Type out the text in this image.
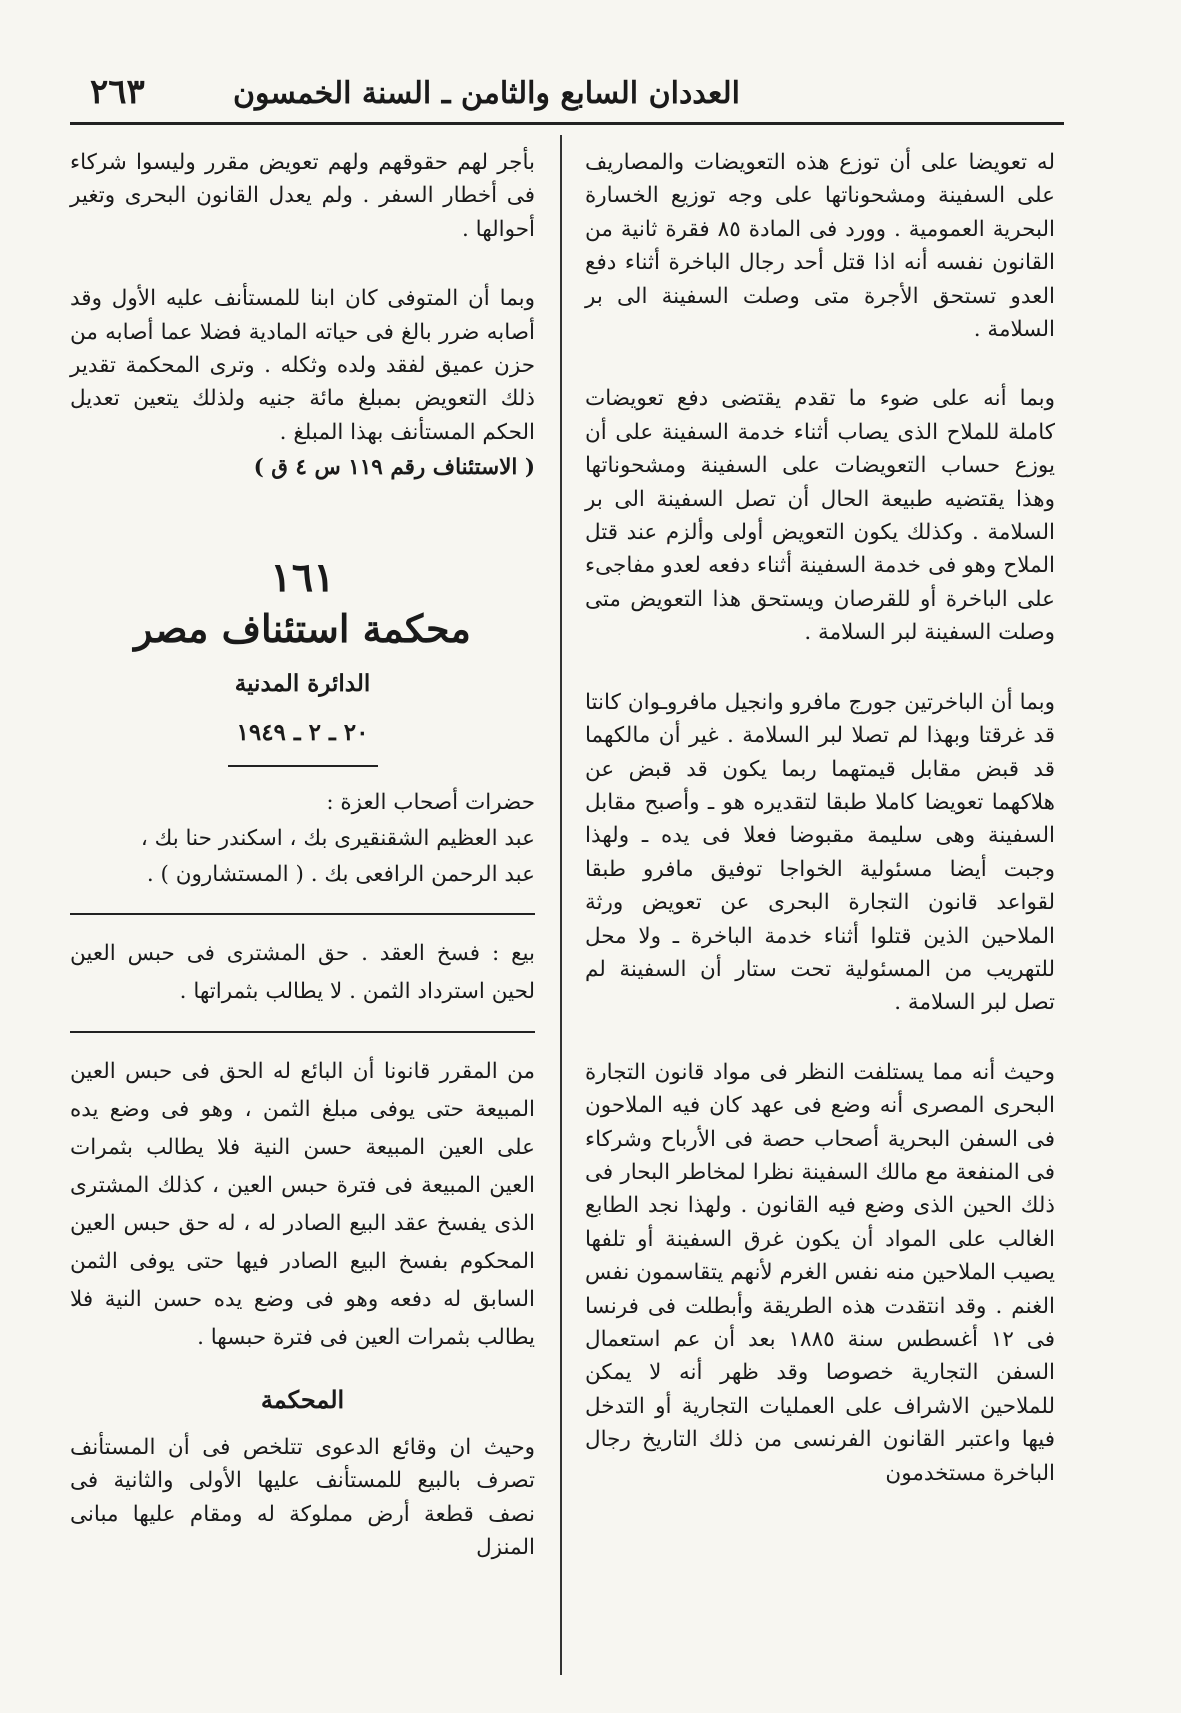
العددان السابع والثامن ـ السنة الخمسون
٢٦٣

له تعويضا على أن توزع هذه التعويضات والمصاريف على السفينة ومشحوناتها على وجه توزيع الخسارة البحرية العمومية . وورد فى المادة ٨٥ فقرة ثانية من القانون نفسه أنه اذا قتل أحد رجال الباخرة أثناء دفع العدو تستحق الأجرة متى وصلت السفينة الى بر السلامة .

وبما أنه على ضوء ما تقدم يقتضى دفع تعويضات كاملة للملاح الذى يصاب أثناء خدمة السفينة على أن يوزع حساب التعويضات على السفينة ومشحوناتها وهذا يقتضيه طبيعة الحال أن تصل السفينة الى بر السلامة . وكذلك يكون التعويض أولى وألزم عند قتل الملاح وهو فى خدمة السفينة أثناء دفعه لعدو مفاجىء على الباخرة أو للقرصان ويستحق هذا التعويض متى وصلت السفينة لبر السلامة .

وبما أن الباخرتين جورج مافرو وانجيل مافروـوان كانتا قد غرقتا وبهذا لم تصلا لبر السلامة . غير أن مالكهما قد قبض مقابل قيمتهما ربما يكون قد قبض عن هلاكهما تعويضا كاملا طبقا لتقديره هو ـ وأصبح مقابل السفينة وهى سليمة مقبوضا فعلا فى يده ـ ولهذا وجبت أيضا مسئولية الخواجا توفيق مافرو طبقا لقواعد قانون التجارة البحرى عن تعويض ورثة الملاحين الذين قتلوا أثناء خدمة الباخرة ـ ولا محل للتهريب من المسئولية تحت ستار أن السفينة لم تصل لبر السلامة .

وحيث أنه مما يستلفت النظر فى مواد قانون التجارة البحرى المصرى أنه وضع فى عهد كان فيه الملاحون فى السفن البحرية أصحاب حصة فى الأرباح وشركاء فى المنفعة مع مالك السفينة نظرا لمخاطر البحار فى ذلك الحين الذى وضع فيه القانون . ولهذا نجد الطابع الغالب على المواد أن يكون غرق السفينة أو تلفها يصيب الملاحين منه نفس الغرم لأنهم يتقاسمون نفس الغنم . وقد انتقدت هذه الطريقة وأبطلت فى فرنسا فى ١٢ أغسطس سنة ١٨٨٥ بعد أن عم استعمال السفن التجارية خصوصا وقد ظهر أنه لا يمكن للملاحين الاشراف على العمليات التجارية أو التدخل فيها واعتبر القانون الفرنسى من ذلك التاريخ رجال الباخرة مستخدمون

بأجر لهم حقوقهم ولهم تعويض مقرر وليسوا شركاء فى أخطار السفر . ولم يعدل القانون البحرى وتغير أحوالها .

وبما أن المتوفى كان ابنا للمستأنف عليه الأول وقد أصابه ضرر بالغ فى حياته المادية فضلا عما أصابه من حزن عميق لفقد ولده وثكله . وترى المحكمة تقدير ذلك التعويض بمبلغ مائة جنيه ولذلك يتعين تعديل الحكم المستأنف بهذا المبلغ .

( الاستئناف رقم ١١٩ س ٤ ق )

١٦١
محكمة استئناف مصر
الدائرة المدنية
٢٠ ـ ٢ ـ ١٩٤٩

حضرات أصحاب العزة :

عبد العظيم الشقنقيرى بك ، اسكندر حنا بك ،

عبد الرحمن الرافعى بك . ( المستشارون ) .

بيع : فسخ العقد . حق المشترى فى حبس العين لحين استرداد الثمن . لا يطالب بثمراتها .

من المقرر قانونا أن البائع له الحق فى حبس العين المبيعة حتى يوفى مبلغ الثمن ، وهو فى وضع يده على العين المبيعة حسن النية فلا يطالب بثمرات العين المبيعة فى فترة حبس العين ، كذلك المشترى الذى يفسخ عقد البيع الصادر له ، له حق حبس العين المحكوم بفسخ البيع الصادر فيها حتى يوفى الثمن السابق له دفعه وهو فى وضع يده حسن النية فلا يطالب بثمرات العين فى فترة حبسها .

المحكمة

وحيث ان وقائع الدعوى تتلخص فى أن المستأنف تصرف بالبيع للمستأنف عليها الأولى والثانية فى نصف قطعة أرض مملوكة له ومقام عليها مبانى المنزل
